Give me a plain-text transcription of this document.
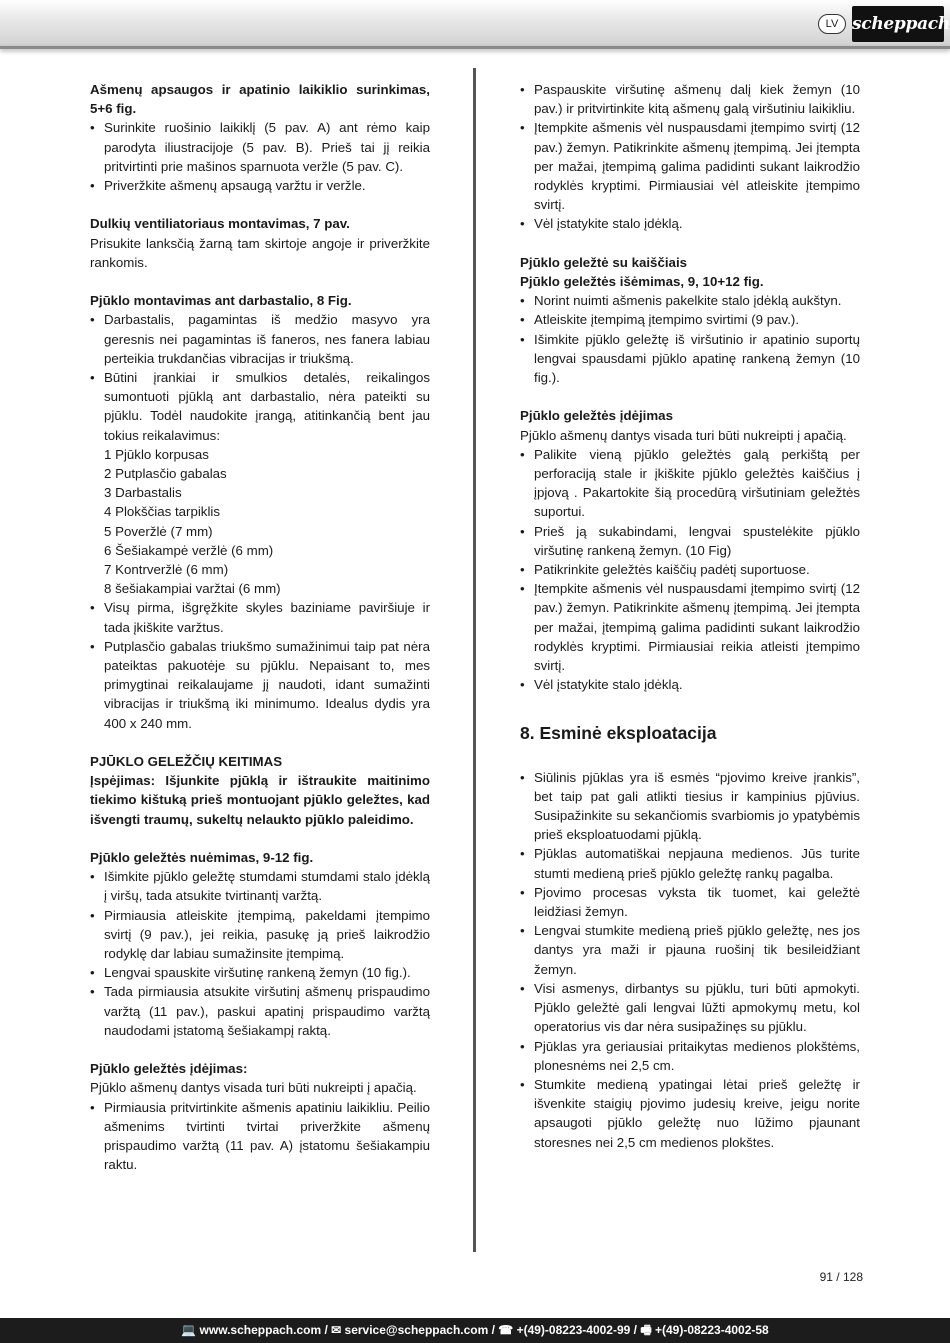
LV scheppach

Ašmenų apsaugos ir apatinio laikiklio surinkimas, 5+6 fig.

• Surinkite ruošinio laikiklį (5 pav. A) ant rėmo kaip parodyta iliustracijoje (5 pav. B). Prieš tai jį reikia pritvirtinti prie mašinos sparnuota veržle (5 pav. C).
• Priveržkite ašmenų apsaugą varžtu ir veržle.

Dulkių ventiliatoriaus montavimas, 7 pav.

Prisukite lanksčią žarną tam skirtoje angoje ir priveržkite rankomis.

Pjūklo montavimas ant darbastalio, 8 Fig.

• Darbastalis, pagamintas iš medžio masyvo yra geresnis nei pagamintas iš faneros, nes fanera labiau perteikia trukdančias vibracijas ir triukšmą.
• Būtini įrankiai ir smulkios detalės, reikalingos sumontuoti pjūklą ant darbastalio, nėra pateikti su pjūklu. Todėl naudokite įrangą, atitinkančią bent jau tokius reikalavimus:

1 Pjūklo korpusas

2 Putplasčio gabalas

3 Darbastalis

4 Plokščias tarpiklis

5 Poveržlė (7 mm)

6 Šešiakampė veržlė (6 mm)

7 Kontrveržlė (6 mm)

8 šešiakampiai varžtai (6 mm)

• Visų pirma, išgręžkite skyles baziniame paviršiuje ir tada įkiškite varžtus.
• Putplasčio gabalas triukšmo sumažinimui taip pat nėra pateiktas pakuotėje su pjūklu. Nepaisant to, mes primygtinai reikalaujame jį naudoti, idant sumažinti vibracijas ir triukšmą iki minimumo. Idealus dydis yra 400 x 240 mm.

PJŪKLO GELEŽČIŲ KEITIMAS

Įspėjimas: Išjunkite pjūklą ir ištraukite maitinimo tiekimo kištuką prieš montuojant pjūklo geležtes, kad išvengti traumų, sukeltų nelaukto pjūklo paleidimo.

Pjūklo geležtės nuėmimas, 9-12 fig.

• Išimkite pjūklo geležtę stumdami stumdami stalo įdėklą į viršų, tada atsukite tvirtinantį varžtą.
• Pirmiausia atleiskite įtempimą, pakeldami įtempimo svirtį (9 pav.), jei reikia, pasukę ją prieš laikrodžio rodyklę dar labiau sumažinsite įtempimą.
• Lengvai spauskite viršutinę rankeną žemyn (10 fig.).
• Tada pirmiausia atsukite viršutinį ašmenų prispaudimo varžtą (11 pav.), paskui apatinį prispaudimo varžtą naudodami įstatomą šešiakampį raktą.

Pjūklo geležtės įdėjimas:

Pjūklo ašmenų dantys visada turi būti nukreipti į apačią.

• Pirmiausia pritvirtinkite ašmenis apatiniu laikikliu. Peilio ašmenims tvirtinti tvirtai priveržkite ašmenų prispaudimo varžtą (11 pav. A) įstatomu šešiakampiu raktu.
• Paspauskite viršutinę ašmenų dalį kiek žemyn (10 pav.) ir pritvirtinkite kitą ašmenų galą viršutiniu laikikliu.
• Įtempkite ašmenis vėl nuspausdami įtempimo svirtį (12 pav.) žemyn. Patikrinkite ašmenų įtempimą. Jei įtempta per mažai, įtempimą galima padidinti sukant laikrodžio rodyklės kryptimi. Pirmiausiai vėl atleiskite įtempimo svirtį.
• Vėl įstatykite stalo įdėklą.

Pjūklo geležtė su kaiščiais

Pjūklo geležtės išėmimas, 9, 10+12 fig.

• Norint nuimti ašmenis pakelkite stalo įdėklą aukštyn.
• Atleiskite įtempimą įtempimo svirtimi (9 pav.).
• Išimkite pjūklo geležtę iš viršutinio ir apatinio suportų lengvai spausdami pjūklo apatinę rankeną žemyn (10 fig.).

Pjūklo geležtės įdėjimas

Pjūklo ašmenų dantys visada turi būti nukreipti į apačią.

• Palikite vieną pjūklo geležtės galą perkištą per perforaciją stale ir įkiškite pjūklo geležtės kaiščius į įpjovą . Pakartokite šią procedūrą viršutiniam geležtės suportui.
• Prieš ją sukabindami, lengvai spustelėkite pjūklo viršutinę rankeną žemyn. (10 Fig)
• Patikrinkite geležtės kaiščių padėtį suportuose.
• Įtempkite ašmenis vėl nuspausdami įtempimo svirtį (12 pav.) žemyn. Patikrinkite ašmenų įtempimą. Jei įtempta per mažai, įtempimą galima padidinti sukant laikrodžio rodyklės kryptimi. Pirmiausiai reikia atleisti įtempimo svirtį.
• Vėl įstatykite stalo įdėklą.
8. Esminė eksploatacija
• Siūlinis pjūklas yra iš esmės “pjovimo kreive įrankis”, bet taip pat gali atlikti tiesius ir kampinius pjūvius. Susipažinkite su sekančiomis svarbiomis jo ypatybėmis prieš eksploatuodami pjūklą.
• Pjūklas automatiškai nepjauna medienos. Jūs turite stumti medieną prieš pjūklo geležtę rankų pagalba.
• Pjovimo procesas vyksta tik tuomet, kai geležtė leidžiasi žemyn.
• Lengvai stumkite medieną prieš pjūklo geležtę, nes jos dantys yra maži ir pjauna ruošinį tik besileidžiant žemyn.
• Visi asmenys, dirbantys su pjūklu, turi būti apmokyti. Pjūklo geležtė gali lengvai lūžti apmokymų metu, kol operatorius vis dar nėra susipažinęs su pjūklu.
• Pjūklas yra geriausiai pritaikytas medienos plokštėms, plonesnėms nei 2,5 cm.
• Stumkite medieną ypatingai lėtai prieš geležtę ir išvenkite staigių pjovimo judesių kreive, jeigu norite apsaugoti pjūklo geležtę nuo lūžimo pjaunant storesnes nei 2,5 cm medienos plokštes.
91 / 128
💻 www.scheppach.com / ✉ service@scheppach.com / ☎ +(49)-08223-4002-99 / 🖷 +(49)-08223-4002-58
